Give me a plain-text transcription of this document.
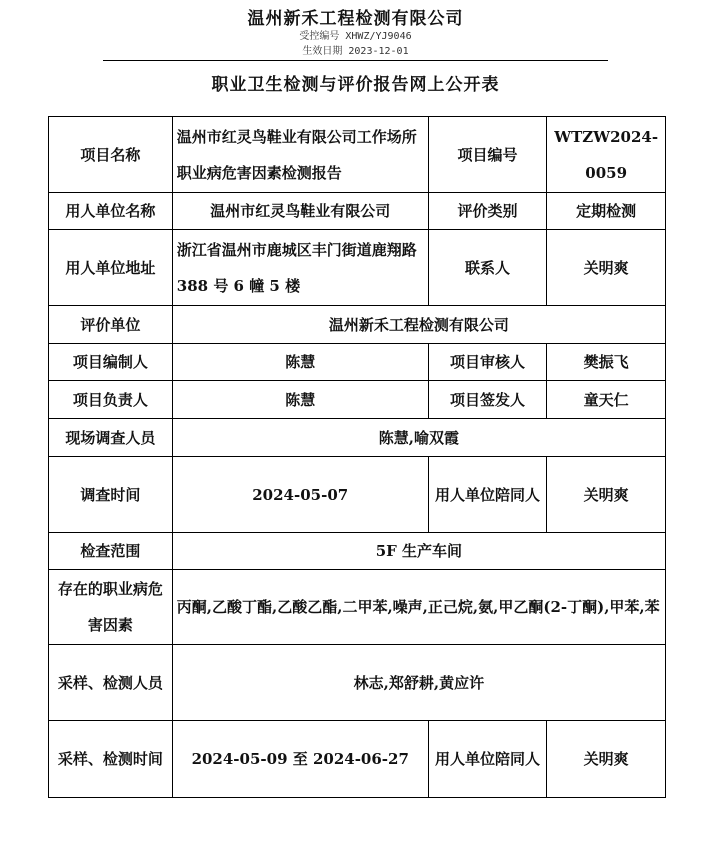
温州新禾工程检测有限公司
受控编号 XHWZ/YJ9046
生效日期 2023-12-01
职业卫生检测与评价报告网上公开表
项目名称	温州市红灵鸟鞋业有限公司工作场所职业病危害因素检测报告	项目编号	WTZW2024-0059
用人单位名称	温州市红灵鸟鞋业有限公司	评价类别	定期检测
用人单位地址	浙江省温州市鹿城区丰门街道鹿翔路 388 号 6 幢 5 楼	联系人	关明爽
评价单位	温州新禾工程检测有限公司		
项目编制人	陈慧	项目审核人	樊振飞
项目负责人	陈慧	项目签发人	童天仁
现场调查人员	陈慧,喻双霞		
调查时间	2024-05-07	用人单位陪同人	关明爽
检查范围	5F 生产车间		
存在的职业病危害因素	丙酮,乙酸丁酯,乙酸乙酯,二甲苯,噪声,正己烷,氨,甲乙酮(2-丁酮),甲苯,苯		
采样、检测人员	林志,郑舒耕,黄应许		
采样、检测时间	2024-05-09 至 2024-06-27	用人单位陪同人	关明爽
